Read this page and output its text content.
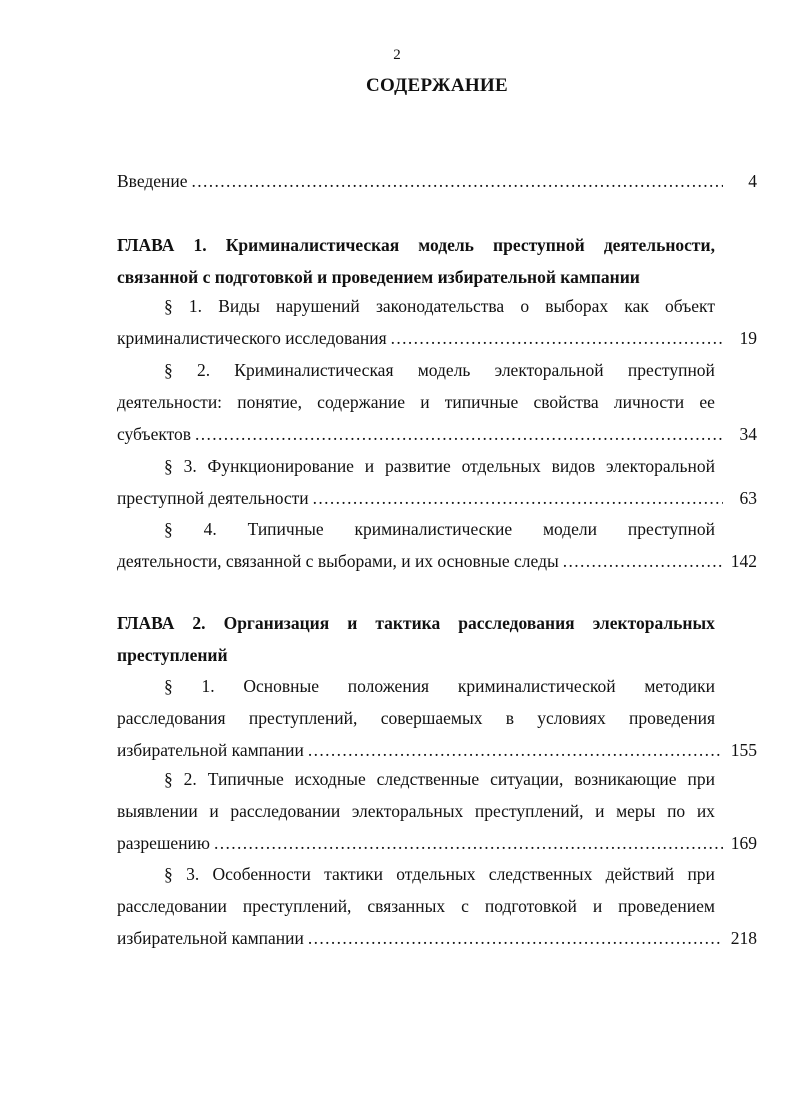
2
СОДЕРЖАНИЕ
Введение . . .	4
ГЛАВА 1. Криминалистическая модель преступной деятельности,
связанной с подготовкой и проведением избирательной кампании
§ 1. Виды нарушений законодательства о выборах как объект
криминалистического исследования . . .	19
§ 2. Криминалистическая модель электоральной преступной
деятельности: понятие, содержание и типичные свойства личности ее
субъектов . . .	34
§ 3. Функционирование и развитие отдельных видов электоральной
преступной деятельности . . .	63
§ 4. Типичные криминалистические модели преступной
деятельности, связанной с выборами, и их основные следы . . .	142
ГЛАВА 2. Организация и тактика расследования электоральных
преступлений
§ 1. Основные положения криминалистической методики
расследования преступлений, совершаемых в условиях проведения
избирательной кампании . . .	155
§ 2. Типичные исходные следственные ситуации, возникающие при
выявлении и расследовании электоральных преступлений, и меры по их
разрешению . . .	169
§ 3. Особенности тактики отдельных следственных действий при
расследовании преступлений, связанных с подготовкой и проведением
избирательной кампании . . .	218
